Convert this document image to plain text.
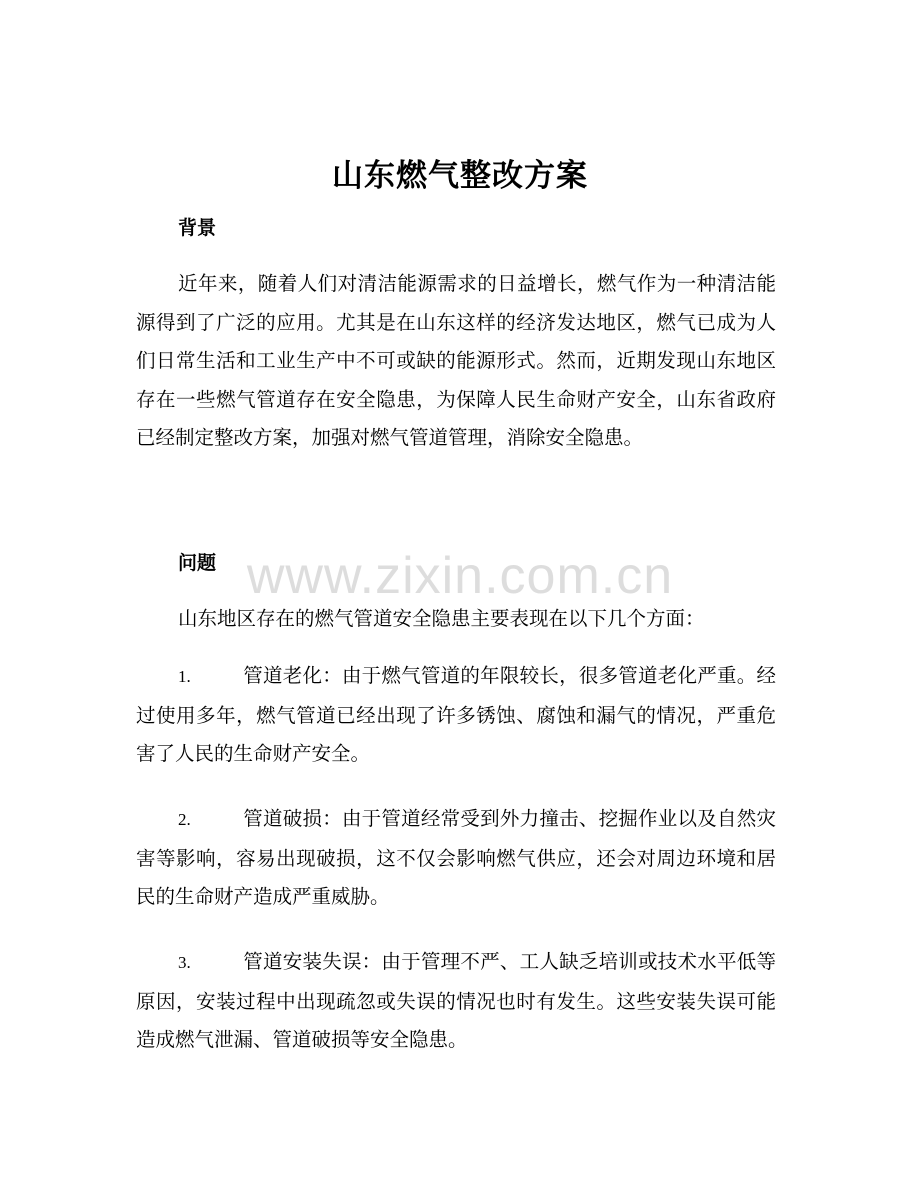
山东燃气整改方案
背景

近年来，随着人们对清洁能源需求的日益增长，燃气作为一种清洁能源得到了广泛的应用。尤其是在山东这样的经济发达地区，燃气已成为人们日常生活和工业生产中不可或缺的能源形式。然而，近期发现山东地区存在一些燃气管道存在安全隐患，为保障人民生命财产安全，山东省政府已经制定整改方案，加强对燃气管道管理，消除安全隐患。

问题

山东地区存在的燃气管道安全隐患主要表现在以下几个方面：

1.	管道老化：由于燃气管道的年限较长，很多管道老化严重。经过使用多年，燃气管道已经出现了许多锈蚀、腐蚀和漏气的情况，严重危害了人民的生命财产安全。

2.	管道破损：由于管道经常受到外力撞击、挖掘作业以及自然灾害等影响，容易出现破损，这不仅会影响燃气供应，还会对周边环境和居民的生命财产造成严重威胁。

3.	管道安装失误：由于管理不严、工人缺乏培训或技术水平低等原因，安装过程中出现疏忽或失误的情况也时有发生。这些安装失误可能造成燃气泄漏、管道破损等安全隐患。

www.zixin.com.cn
